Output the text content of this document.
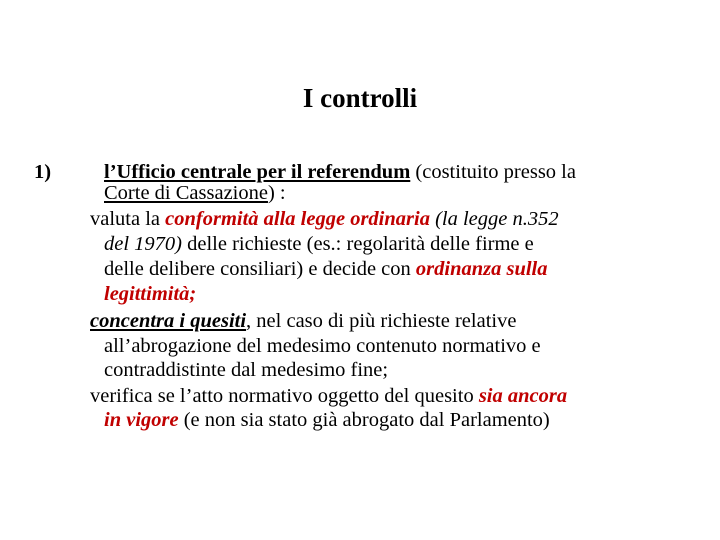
I controlli
1)	l’Ufficio centrale per il referendum (costituito presso la
Corte di Cassazione) :
valuta la conformità alla legge ordinaria (la legge n.352
del 1970) delle richieste (es.: regolarità delle firme e
delle delibere consiliari) e decide con ordinanza sulla
legittimità;
concentra i quesiti, nel caso di più richieste relative
all’abrogazione del medesimo contenuto normativo e
contraddistinte dal medesimo fine;
verifica se l’atto normativo oggetto del quesito sia ancora
in vigore (e non sia stato già abrogato dal Parlamento)
